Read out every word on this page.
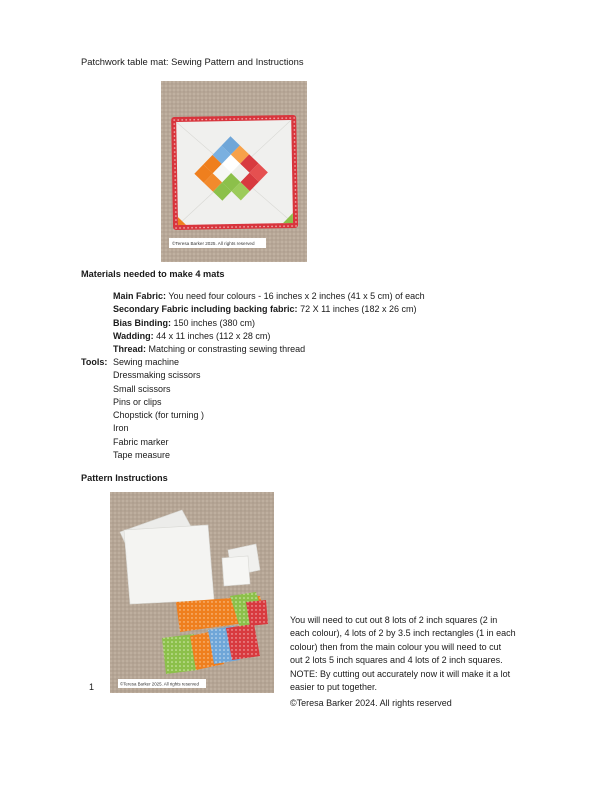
Patchwork table mat: Sewing Pattern and Instructions
©Teresa Barker 2025. All rights reserved
Materials needed to make 4 mats
Main Fabric: You need four colours - 16 inches x 2 inches (41 x 5 cm) of each
Secondary Fabric including backing fabric: 72 X 11 inches (182 x 26 cm)
Bias Binding: 150 inches (380 cm)
Wadding: 44 x 11 inches (112 x 28 cm)
Thread: Matching or constrasting sewing thread
Tools: Sewing machine
Dressmaking scissors
Small scissors
Pins or clips
Chopstick (for turning )
Iron
Fabric marker
Tape measure
Pattern Instructions
©Teresa Barker 2025. All rights reserved
1

You will need to cut out 8 lots of 2 inch squares (2 in

each colour), 4 lots of 2 by 3.5 inch rectangles (1 in each

colour) then from the main colour you will need to cut

out 2 lots 5 inch squares and 4 lots of 2 inch squares.

NOTE: By cutting out accurately now it will make it a lot

easier to put together.

©Teresa Barker 2024. All rights reserved
